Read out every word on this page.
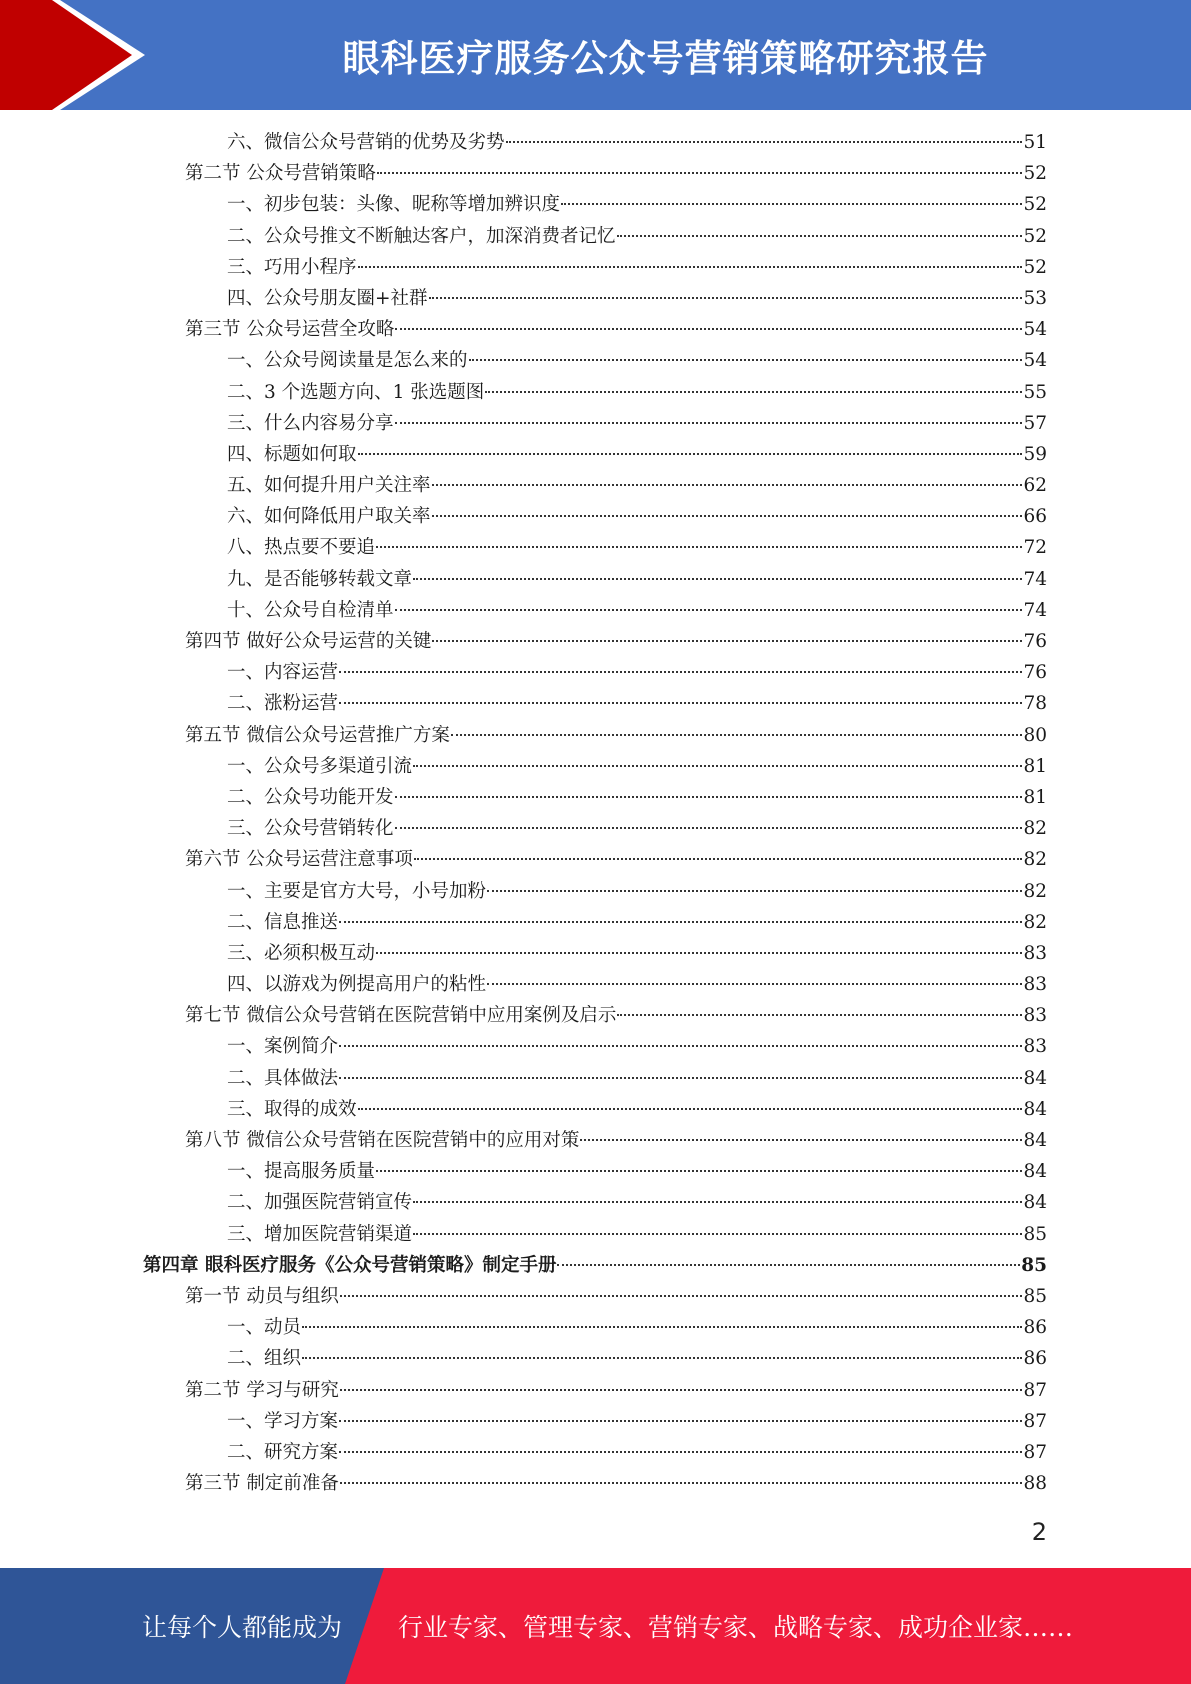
眼科医疗服务公众号营销策略研究报告
六、微信公众号营销的优势及劣势	51
第二节 公众号营销策略	52
一、初步包装：头像、昵称等增加辨识度	52
二、公众号推文不断触达客户，加深消费者记忆	52
三、巧用小程序	52
四、公众号朋友圈+社群	53
第三节 公众号运营全攻略	54
一、公众号阅读量是怎么来的	54
二、3 个选题方向、1 张选题图	55
三、什么内容易分享	57
四、标题如何取	59
五、如何提升用户关注率	62
六、如何降低用户取关率	66
八、热点要不要追	72
九、是否能够转载文章	74
十、公众号自检清单	74
第四节 做好公众号运营的关键	76
一、内容运营	76
二、涨粉运营	78
第五节 微信公众号运营推广方案	80
一、公众号多渠道引流	81
二、公众号功能开发	81
三、公众号营销转化	82
第六节 公众号运营注意事项	82
一、主要是官方大号，小号加粉	82
二、信息推送	82
三、必须积极互动	83
四、以游戏为例提高用户的粘性	83
第七节 微信公众号营销在医院营销中应用案例及启示	83
一、案例简介	83
二、具体做法	84
三、取得的成效	84
第八节 微信公众号营销在医院营销中的应用对策	84
一、提高服务质量	84
二、加强医院营销宣传	84
三、增加医院营销渠道	85
第四章 眼科医疗服务《公众号营销策略》制定手册	85
第一节 动员与组织	85
一、动员	86
二、组织	86
第二节 学习与研究	87
一、学习方案	87
二、研究方案	87
第三节 制定前准备	88
2
让每个人都能成为 行业专家、管理专家、营销专家、战略专家、成功企业家……
